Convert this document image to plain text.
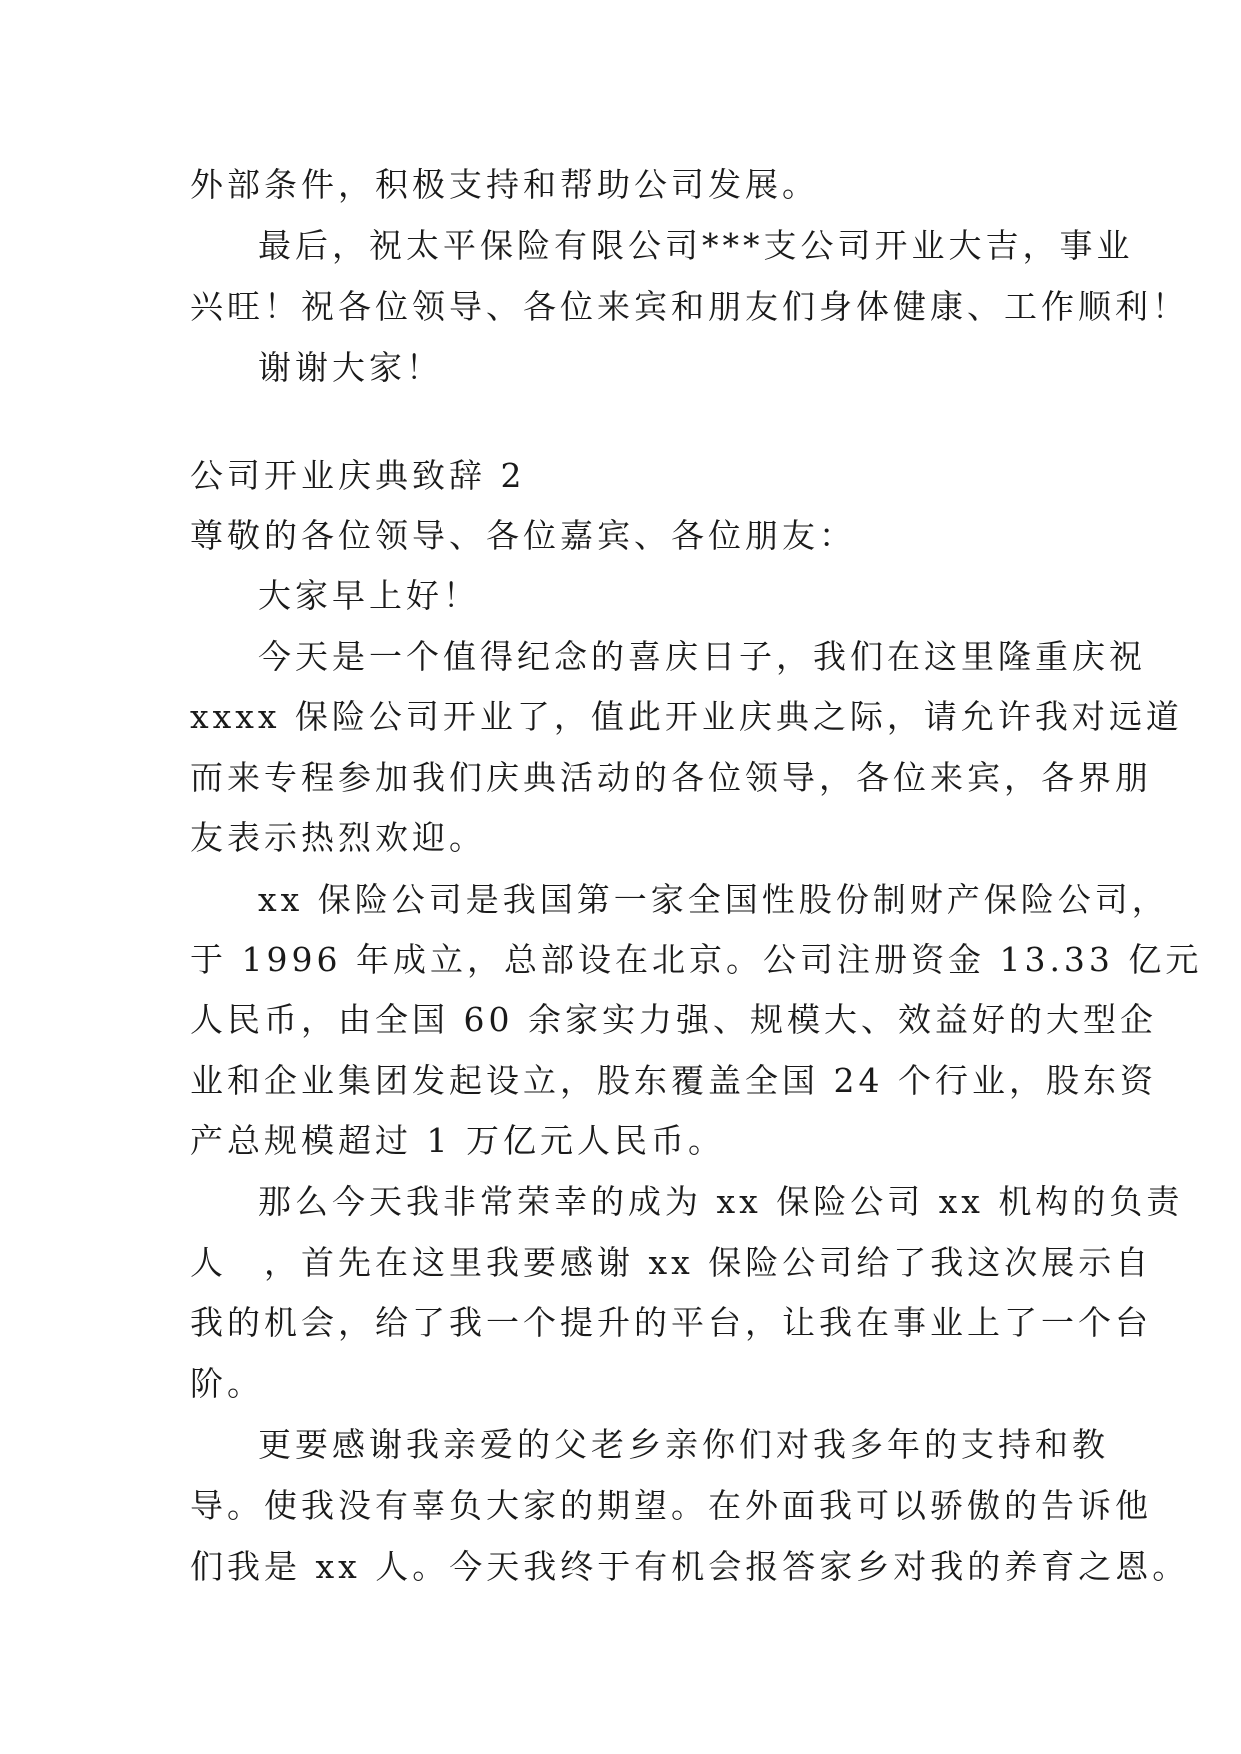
外部条件，积极支持和帮助公司发展。
最后，祝太平保险有限公司***支公司开业大吉，事业
兴旺！祝各位领导、各位来宾和朋友们身体健康、工作顺利！
谢谢大家！
公司开业庆典致辞 2
尊敬的各位领导、各位嘉宾、各位朋友：
大家早上好！
今天是一个值得纪念的喜庆日子，我们在这里隆重庆祝
xxxx 保险公司开业了，值此开业庆典之际，请允许我对远道
而来专程参加我们庆典活动的各位领导，各位来宾，各界朋
友表示热烈欢迎。
xx 保险公司是我国第一家全国性股份制财产保险公司，
于 1996 年成立，总部设在北京。公司注册资金 13.33 亿元
人民币，由全国 60 余家实力强、规模大、效益好的大型企
业和企业集团发起设立，股东覆盖全国 24 个行业，股东资
产总规模超过 1 万亿元人民币。
那么今天我非常荣幸的成为 xx 保险公司 xx 机构的负责
人　，首先在这里我要感谢 xx 保险公司给了我这次展示自
我的机会，给了我一个提升的平台，让我在事业上了一个台
阶。
更要感谢我亲爱的父老乡亲你们对我多年的支持和教
导。使我没有辜负大家的期望。在外面我可以骄傲的告诉他
们我是 xx 人。今天我终于有机会报答家乡对我的养育之恩。
